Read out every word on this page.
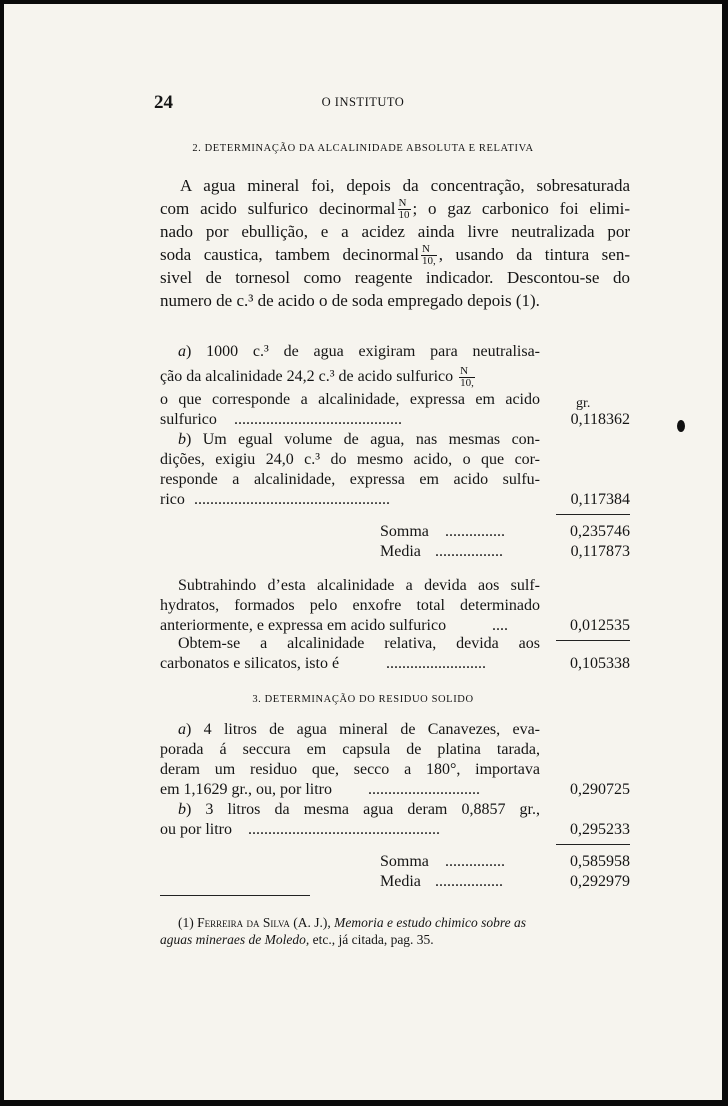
24	O INSTITUTO
2. DETERMINAÇÃO DA ALCALINIDADE ABSOLUTA E RELATIVA
A agua mineral foi, depois da concentração, sobresaturada
com acido sulfurico decinormal $\frac{N}{10}$ ; o gaz carbonico foi elimi-
nado por ebullição, e a acidez ainda livre neutralizada por
soda caustica, tambem decinormal $\frac{N}{10,}$ , usando da tintura sen-
sivel de tornesol como reagente indicador. Descontou-se do
numero de c.³ de acido o de soda empregado depois (1).
a) 1000 c.³ de agua exigiram para neutralisa-
ção da alcalinidade 24,2 c.³ de acido sulfurico $\frac{N}{10,}$
o que corresponde a alcalinidade, expressa em acido	gr.
sulfurico ..........................................	0,118362
b) Um egual volume de agua, nas mesmas con-
dições, exigiu 24,0 c.³ do mesmo acido, o que cor-
responde a alcalinidade, expressa em acido sulfu-
rico .................................................	0,117384
Somma ...............	0,235746
Media .................	0,117873
Subtrahindo d’esta alcalinidade a devida aos sulf-
hydratos, formados pelo enxofre total determinado
anteriormente, e expressa em acido sulfurico	....	0,012535
Obtem-se a alcalinidade relativa, devida aos
carbonatos e silicatos, isto é	.........................	0,105338
3. DETERMINAÇÃO DO RESIDUO SOLIDO
a) 4 litros de agua mineral de Canavezes, eva-
porada á seccura em capsula de platina tarada,
deram um residuo que, secco a 180°, importava
em 1,1629 gr., ou, por litro ............................	0,290725
b) 3 litros da mesma agua deram 0,8857 gr.,
ou por litro ................................................	0,295233
Somma ...............	0,585958
Media .................	0,292979
(1) Ferreira da Silva (A. J.), Memoria e estudo chimico sobre as
aguas mineraes de Moledo, etc., já citada, pag. 35.
